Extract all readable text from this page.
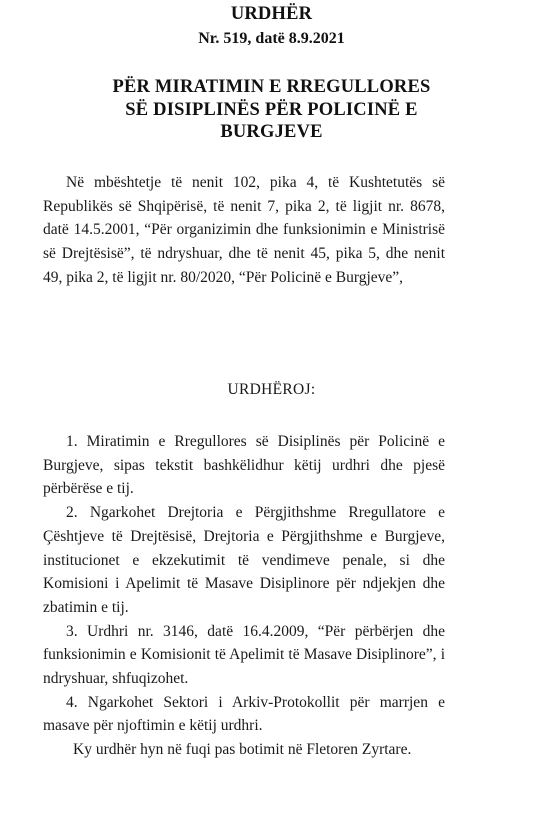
URDHËR
Nr. 519, datë 8.9.2021
PËR MIRATIMIN E RREGULLORES
SË DISIPLINËS PËR POLICINË E
BURGJEVE

Në mbështetje të nenit 102, pika 4, të Kushtetutës së Republikës së Shqipërisë, të nenit 7, pika 2, të ligjit nr. 8678, datë 14.5.2001, “Për organizimin dhe funksionimin e Ministrisë së Drejtësisë”, të ndryshuar, dhe të nenit 45, pika 5, dhe nenit 49, pika 2, të ligjit nr. 80/2020, “Për Policinë e Burgjeve”,

URDHËROJ:

1. Miratimin e Rregullores së Disiplinës për Policinë e Burgjeve, sipas tekstit bashkëlidhur këtij urdhri dhe pjesë përbërëse e tij.

2. Ngarkohet Drejtoria e Përgjithshme Rregullatore e Çështjeve të Drejtësisë, Drejtoria e Përgjithshme e Burgjeve, institucionet e ekzekutimit të vendimeve penale, si dhe Komisioni i Apelimit të Masave Disiplinore për ndjekjen dhe zbatimin e tij.

3. Urdhri nr. 3146, datë 16.4.2009, “Për përbërjen dhe funksionimin e Komisionit të Apelimit të Masave Disiplinore”, i ndryshuar, shfuqizohet.

4. Ngarkohet Sektori i Arkiv-Protokollit për marrjen e masave për njoftimin e këtij urdhri.

Ky urdhër hyn në fuqi pas botimit në Fletoren Zyrtare.
